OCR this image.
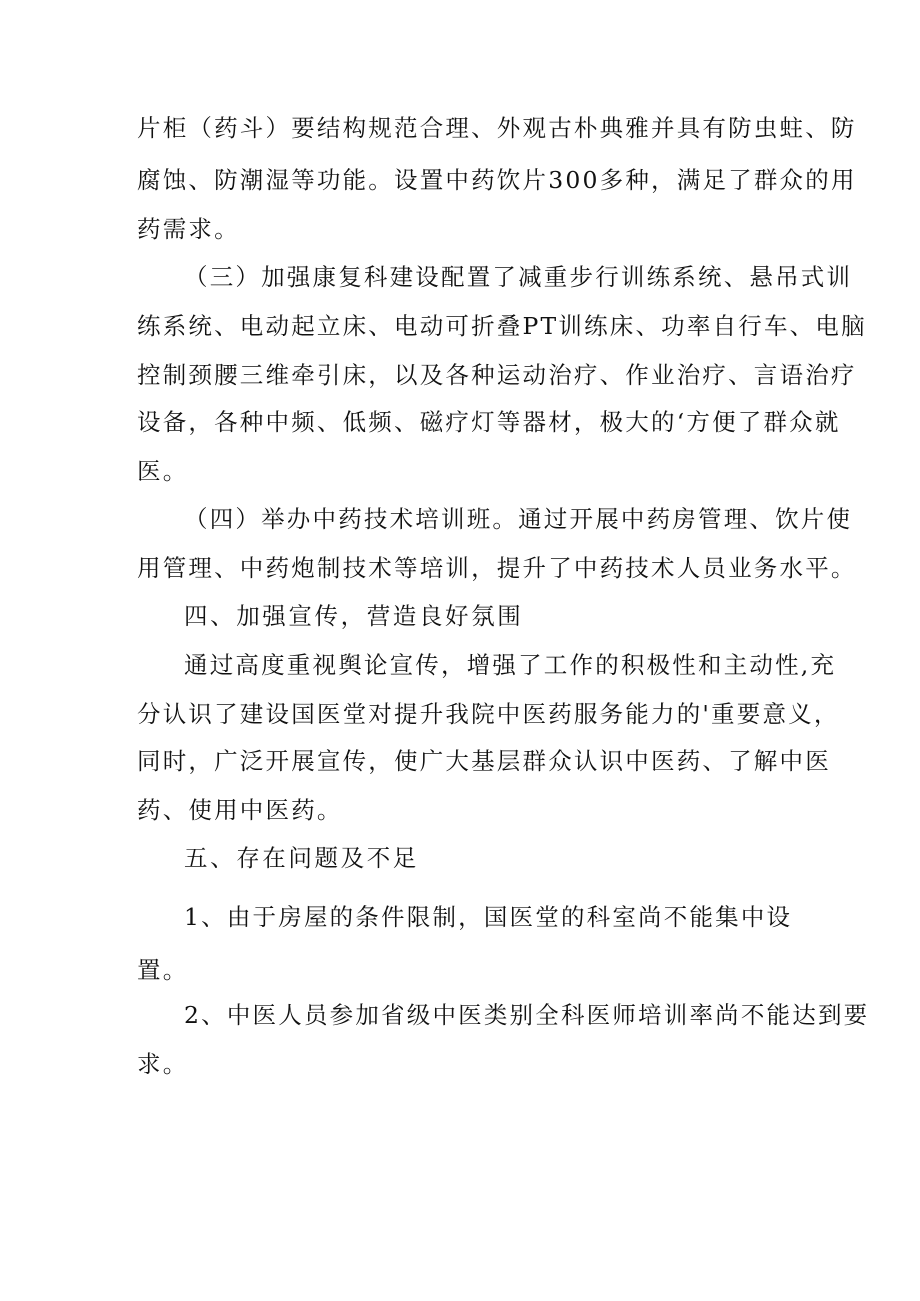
片柜（药斗）要结构规范合理、外观古朴典雅并具有防虫蛀、防
腐蚀、防潮湿等功能。设置中药饮片300多种，满足了群众的用
药需求。
（三）加强康复科建设配置了减重步行训练系统、悬吊式训
练系统、电动起立床、电动可折叠PT训练床、功率自行车、电脑
控制颈腰三维牵引床，以及各种运动治疗、作业治疗、言语治疗
设备，各种中频、低频、磁疗灯等器材，极大的‘方便了群众就
医。
（四）举办中药技术培训班。通过开展中药房管理、饮片使
用管理、中药炮制技术等培训，提升了中药技术人员业务水平。
四、加强宣传，营造良好氛围
通过高度重视舆论宣传，增强了工作的积极性和主动性,充
分认识了建设国医堂对提升我院中医药服务能力的'重要意义，
同时，广泛开展宣传，使广大基层群众认识中医药、了解中医
药、使用中医药。
五、存在问题及不足
1、由于房屋的条件限制，国医堂的科室尚不能集中设
置。
2、中医人员参加省级中医类别全科医师培训率尚不能达到要
求。
